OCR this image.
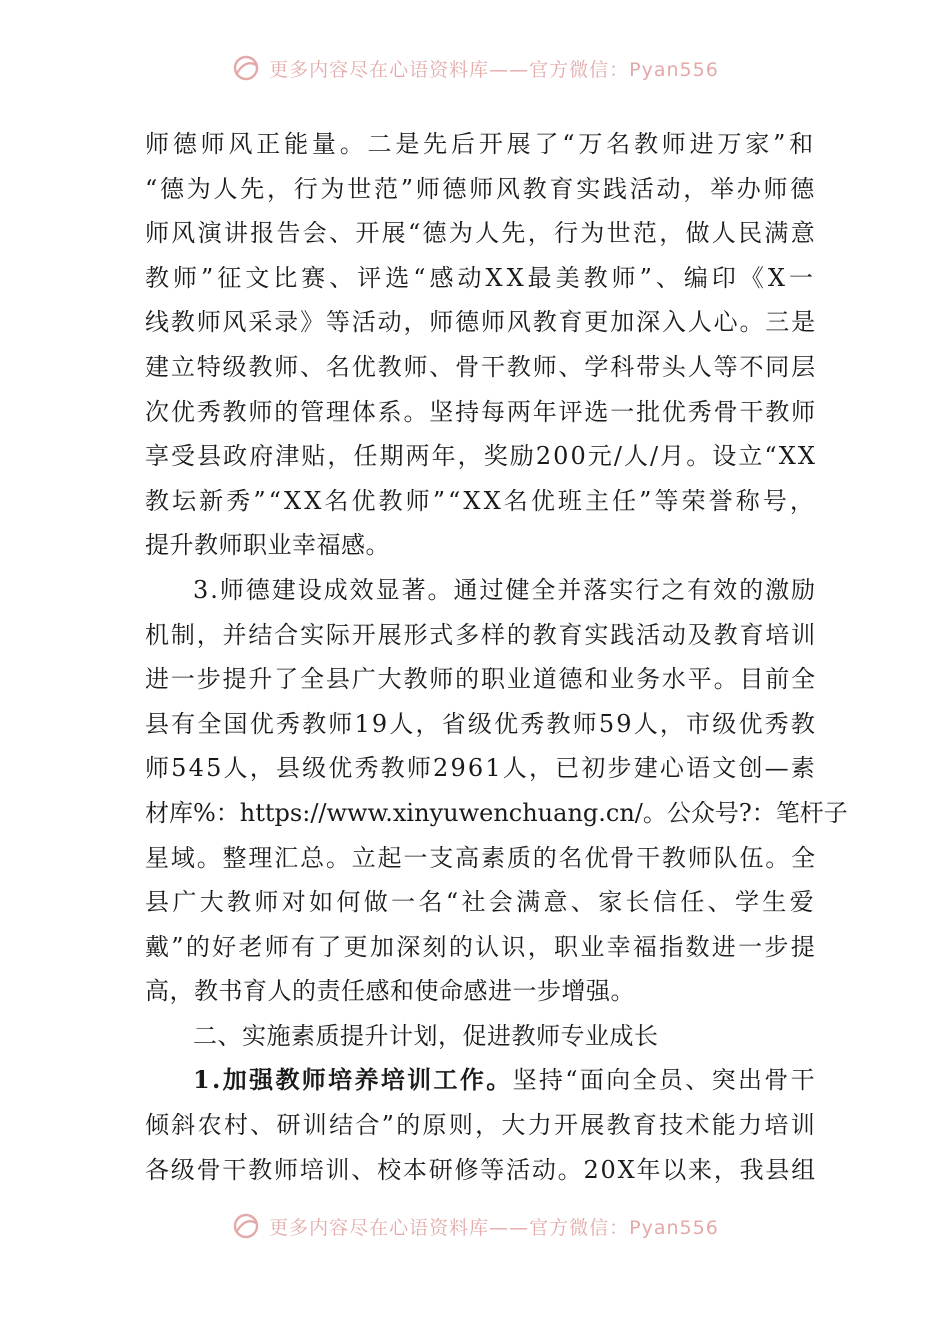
更多内容尽在心语资料库——官方微信：Pyan556
师德师风正能量。二是先后开展了“万名教师进万家”和
“德为人先，行为世范”师德师风教育实践活动，举办师德
师风演讲报告会、开展“德为人先，行为世范，做人民满意
教师”征文比赛、评选“感动XX最美教师”、编印《X一
线教师风采录》等活动，师德师风教育更加深入人心。三是
建立特级教师、名优教师、骨干教师、学科带头人等不同层
次优秀教师的管理体系。坚持每两年评选一批优秀骨干教师
享受县政府津贴，任期两年，奖励200元/人/月。设立“XX
教坛新秀”“XX名优教师”“XX名优班主任”等荣誉称号，
提升教师职业幸福感。
3.师德建设成效显著。通过健全并落实行之有效的激励
机制，并结合实际开展形式多样的教育实践活动及教育培训
进一步提升了全县广大教师的职业道德和业务水平。目前全
县有全国优秀教师19人，省级优秀教师59人，市级优秀教
师545人，县级优秀教师2961人，已初步建心语文创—素
材库%：https://www.xinyuwenchuang.cn/。公众号?：笔杆子
星域。整理汇总。立起一支高素质的名优骨干教师队伍。全
县广大教师对如何做一名“社会满意、家长信任、学生爱
戴”的好老师有了更加深刻的认识，职业幸福指数进一步提
高，教书育人的责任感和使命感进一步增强。
二、实施素质提升计划，促进教师专业成长
1.加强教师培养培训工作。坚持“面向全员、突出骨干
倾斜农村、研训结合”的原则，大力开展教育技术能力培训
各级骨干教师培训、校本研修等活动。20X年以来，我县组
更多内容尽在心语资料库——官方微信：Pyan556
